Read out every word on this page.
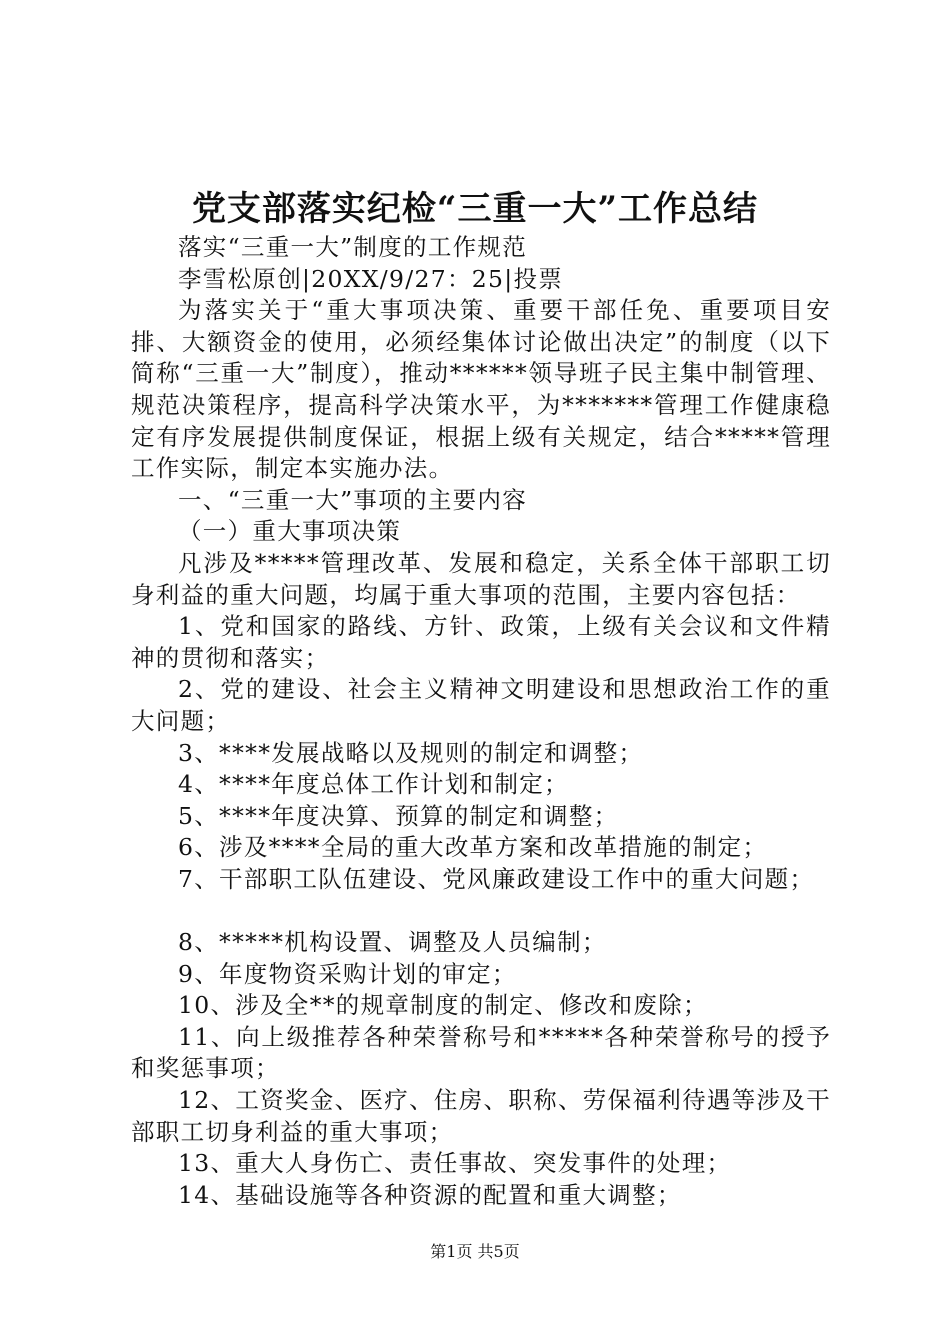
党支部落实纪检“三重一大”工作总结

落实“三重一大”制度的工作规范

李雪松原创|20XX/9/27：25|投票

为落实关于“重大事项决策、重要干部任免、重要项目安排、大额资金的使用，必须经集体讨论做出决定”的制度（以下简称“三重一大”制度），推动******领导班子民主集中制管理、规范决策程序，提高科学决策水平，为*******管理工作健康稳定有序发展提供制度保证，根据上级有关规定，结合*****管理工作实际，制定本实施办法。

一、“三重一大”事项的主要内容

（一）重大事项决策

凡涉及*****管理改革、发展和稳定，关系全体干部职工切身利益的重大问题，均属于重大事项的范围，主要内容包括：

1、党和国家的路线、方针、政策，上级有关会议和文件精神的贯彻和落实；

2、党的建设、社会主义精神文明建设和思想政治工作的重大问题；

3、****发展战略以及规则的制定和调整；

4、****年度总体工作计划和制定；

5、****年度决算、预算的制定和调整；

6、涉及****全局的重大改革方案和改革措施的制定；

7、干部职工队伍建设、党风廉政建设工作中的重大问题；

8、*****机构设置、调整及人员编制；

9、年度物资采购计划的审定；

10、涉及全**的规章制度的制定、修改和废除；

11、向上级推荐各种荣誉称号和*****各种荣誉称号的授予和奖惩事项；

12、工资奖金、医疗、住房、职称、劳保福利待遇等涉及干部职工切身利益的重大事项；

13、重大人身伤亡、责任事故、突发事件的处理；

14、基础设施等各种资源的配置和重大调整；

第1页 共5页
